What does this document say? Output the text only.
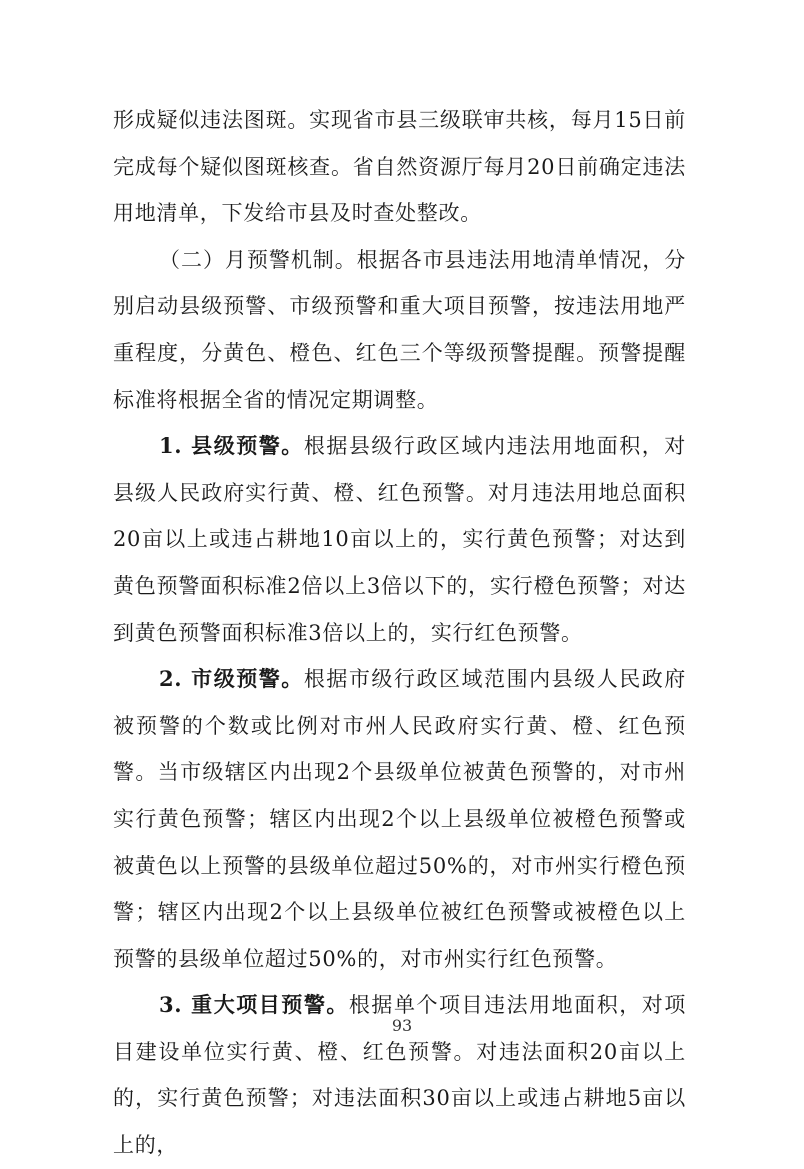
形成疑似违法图斑。实现省市县三级联审共核，每月15日前完成每个疑似图斑核查。省自然资源厅每月20日前确定违法用地清单，下发给市县及时查处整改。

（二）月预警机制。根据各市县违法用地清单情况，分别启动县级预警、市级预警和重大项目预警，按违法用地严重程度，分黄色、橙色、红色三个等级预警提醒。预警提醒标准将根据全省的情况定期调整。

1. 县级预警。根据县级行政区域内违法用地面积，对县级人民政府实行黄、橙、红色预警。对月违法用地总面积20亩以上或违占耕地10亩以上的，实行黄色预警；对达到黄色预警面积标准2倍以上3倍以下的，实行橙色预警；对达到黄色预警面积标准3倍以上的，实行红色预警。

2. 市级预警。根据市级行政区域范围内县级人民政府被预警的个数或比例对市州人民政府实行黄、橙、红色预警。当市级辖区内出现2个县级单位被黄色预警的，对市州实行黄色预警；辖区内出现2个以上县级单位被橙色预警或被黄色以上预警的县级单位超过50%的，对市州实行橙色预警；辖区内出现2个以上县级单位被红色预警或被橙色以上预警的县级单位超过50%的，对市州实行红色预警。

3. 重大项目预警。根据单个项目违法用地面积，对项目建设单位实行黄、橙、红色预警。对违法面积20亩以上的，实行黄色预警；对违法面积30亩以上或违占耕地5亩以上的，

93
